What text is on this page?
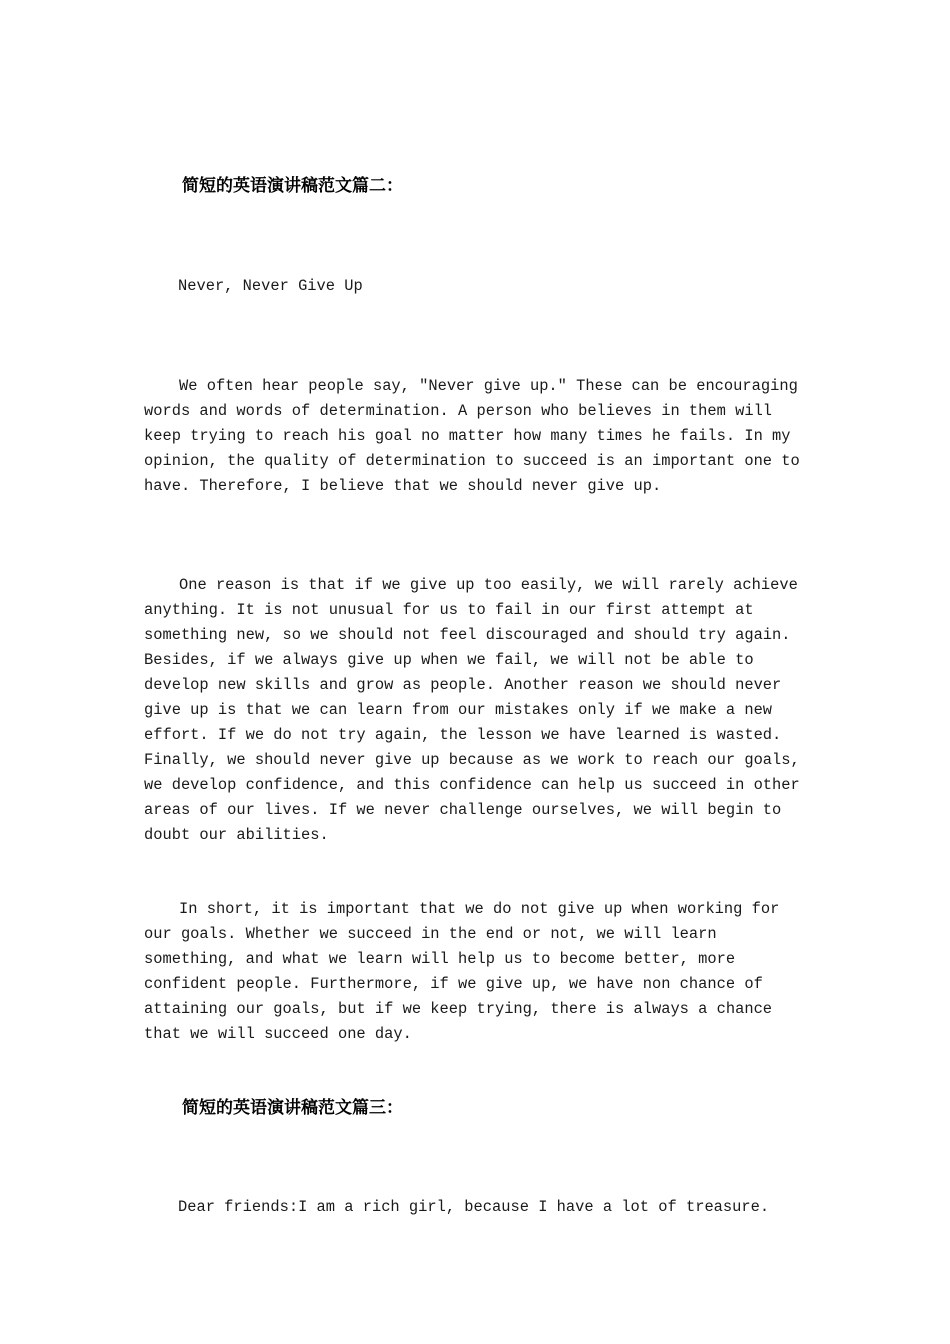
简短的英语演讲稿范文篇二：
Never, Never Give Up

We often hear people say, "Never give up." These can be encouraging words and words of determination. A person who believes in them will keep trying to reach his goal no matter how many times he fails. In my opinion, the quality of determination to succeed is an important one to have. Therefore, I believe that we should never give up.

One reason is that if we give up too easily, we will rarely achieve anything. It is not unusual for us to fail in our first attempt at something new, so we should not feel discouraged and should try again. Besides, if we always give up when we fail, we will not be able to develop new skills and grow as people. Another reason we should never give up is that we can learn from our mistakes only if we make a new effort. If we do not try again, the lesson we have learned is wasted. Finally, we should never give up because as we work to reach our goals, we develop confidence, and this confidence can help us succeed in other areas of our lives. If we never challenge ourselves, we will begin to doubt our abilities.

In short, it is important that we do not give up when working for our goals. Whether we succeed in the end or not, we will learn something, and what we learn will help us to become better, more confident people. Furthermore, if we give up, we have non chance of attaining our goals, but if we keep trying, there is always a chance that we will succeed one day.

简短的英语演讲稿范文篇三：
Dear friends:I am a rich girl, because I have a lot of treasure.
